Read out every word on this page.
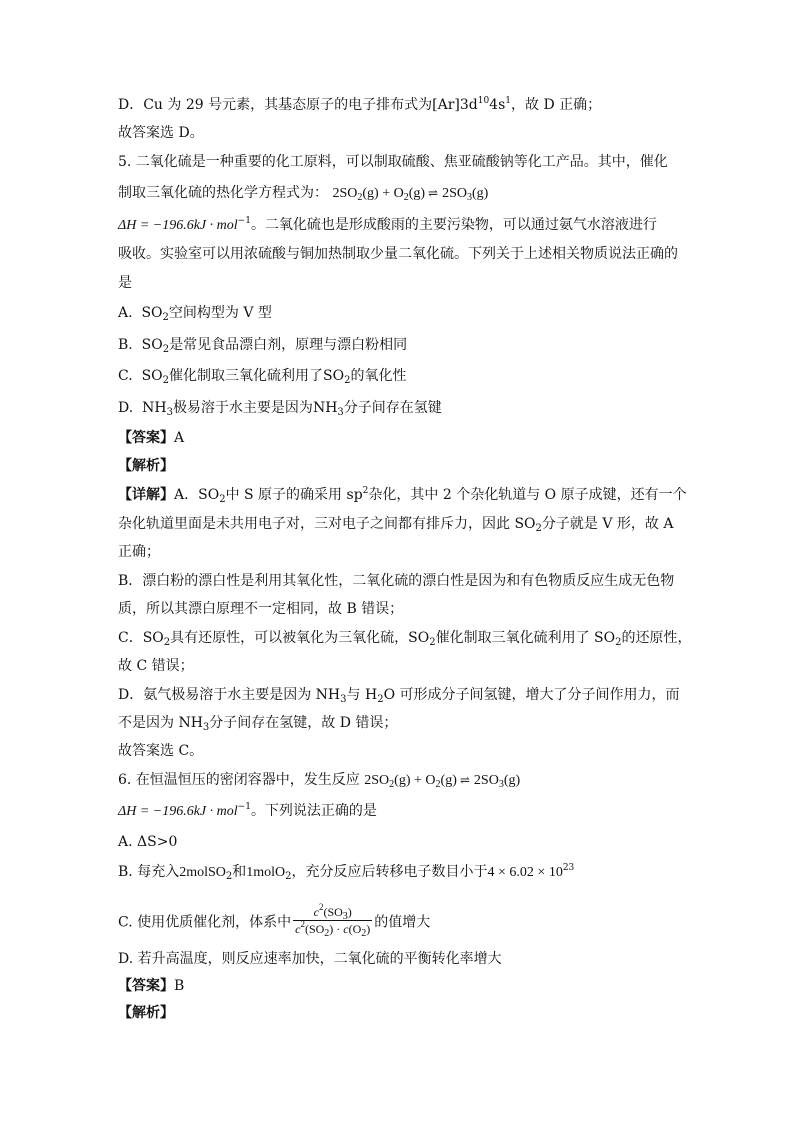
D．Cu 为 29 号元素，其基态原子的电子排布式为$[Ar]3d^{10}4s^1$，故 D 正确；
故答案选 D。
5. 二氧化硫是一种重要的化工原料，可以制取硫酸、焦亚硫酸钠等化工产品。其中，催化
制取三氧化硫的热化学方程式为： $2SO_2(g) + O_2(g)$ ⇌ $2SO_3(g)$
ΔH = −196.6kJ · mol$^{-1}$。二氧化硫也是形成酸雨的主要污染物，可以通过氨气水溶液进行
吸收。实验室可以用浓硫酸与铜加热制取少量二氧化硫。下列关于上述相关物质说法正确的
是
A. $SO_2$空间构型为 V 型
B. $SO_2$是常见食品漂白剂，原理与漂白粉相同
C. $SO_2$催化制取三氧化硫利用了$SO_2$的氧化性
D. $NH_3$极易溶于水主要是因为$NH_3$分子间存在氢键
【答案】A
【解析】
【详解】A．$SO_2$中 S 原子的确采用 $sp^2$杂化，其中 2 个杂化轨道与 O 原子成键，还有一个
杂化轨道里面是未共用电子对，三对电子之间都有排斥力，因此 $SO_2$分子就是 V 形，故 A
正确；
B．漂白粉的漂白性是利用其氧化性，二氧化硫的漂白性是因为和有色物质反应生成无色物
质，所以其漂白原理不一定相同，故 B 错误；
C．$SO_2$具有还原性，可以被氧化为三氧化硫，$SO_2$催化制取三氧化硫利用了 $SO_2$的还原性，
故 C 错误；
D．氨气极易溶于水主要是因为 $NH_3$与 $H_2O$ 可形成分子间氢键，增大了分子间作用力，而
不是因为 $NH_3$分子间存在氢键，故 D 错误；
故答案选 C。
6. 在恒温恒压的密闭容器中，发生反应 $2SO_2(g) + O_2(g)$ ⇌ $2SO_3(g)$
ΔH = −196.6kJ · mol$^{-1}$。下列说法正确的是
A. ΔS>0
B. 每充入2molSO$_2$和1molO$_2$，充分反应后转移电子数目小于$4 \times 6.02 \times 10^{23}$
C. 使用优质催化剂，体系中 $\frac{c^2(SO_3)}{c^2(SO_2) \cdot c(O_2)}$ 的值增大
D. 若升高温度，则反应速率加快，二氧化硫的平衡转化率增大
【答案】B
【解析】
